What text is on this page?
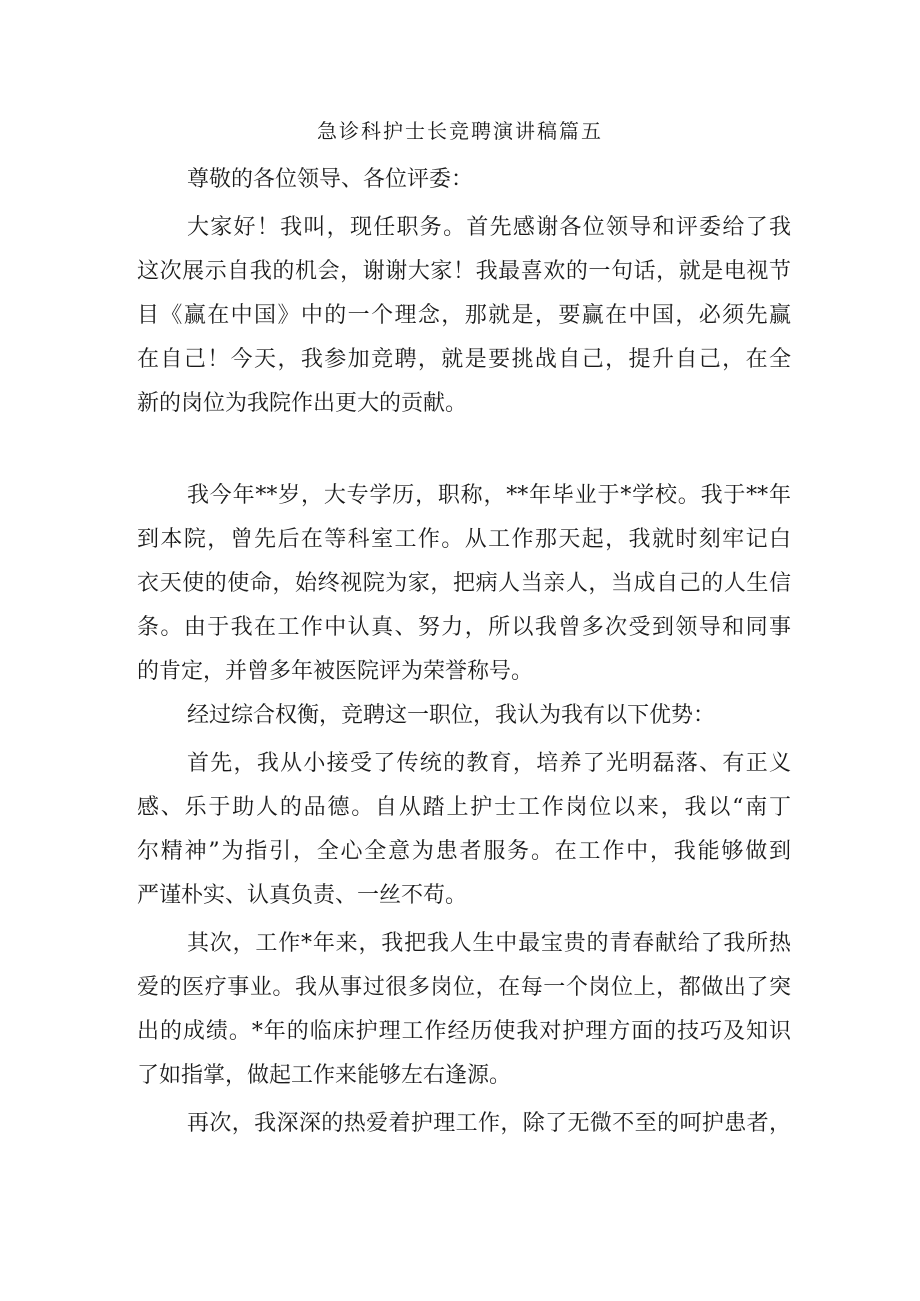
急诊科护士长竞聘演讲稿篇五
尊敬的各位领导、各位评委：
大家好！我叫，现任职务。首先感谢各位领导和评委给了我
这次展示自我的机会，谢谢大家！我最喜欢的一句话，就是电视节
目《赢在中国》中的一个理念，那就是，要赢在中国，必须先赢
在自己！今天，我参加竞聘，就是要挑战自己，提升自己，在全
新的岗位为我院作出更大的贡献。
我今年**岁，大专学历，职称，**年毕业于*学校。我于**年
到本院，曾先后在等科室工作。从工作那天起，我就时刻牢记白
衣天使的使命，始终视院为家，把病人当亲人，当成自己的人生信
条。由于我在工作中认真、努力，所以我曾多次受到领导和同事
的肯定，并曾多年被医院评为荣誉称号。
经过综合权衡，竞聘这一职位，我认为我有以下优势：
首先，我从小接受了传统的教育，培养了光明磊落、有正义
感、乐于助人的品德。自从踏上护士工作岗位以来，我以“南丁
尔精神”为指引，全心全意为患者服务。在工作中，我能够做到
严谨朴实、认真负责、一丝不苟。
其次，工作*年来，我把我人生中最宝贵的青春献给了我所热
爱的医疗事业。我从事过很多岗位，在每一个岗位上，都做出了突
出的成绩。*年的临床护理工作经历使我对护理方面的技巧及知识
了如指掌，做起工作来能够左右逢源。
再次，我深深的热爱着护理工作，除了无微不至的呵护患者，
